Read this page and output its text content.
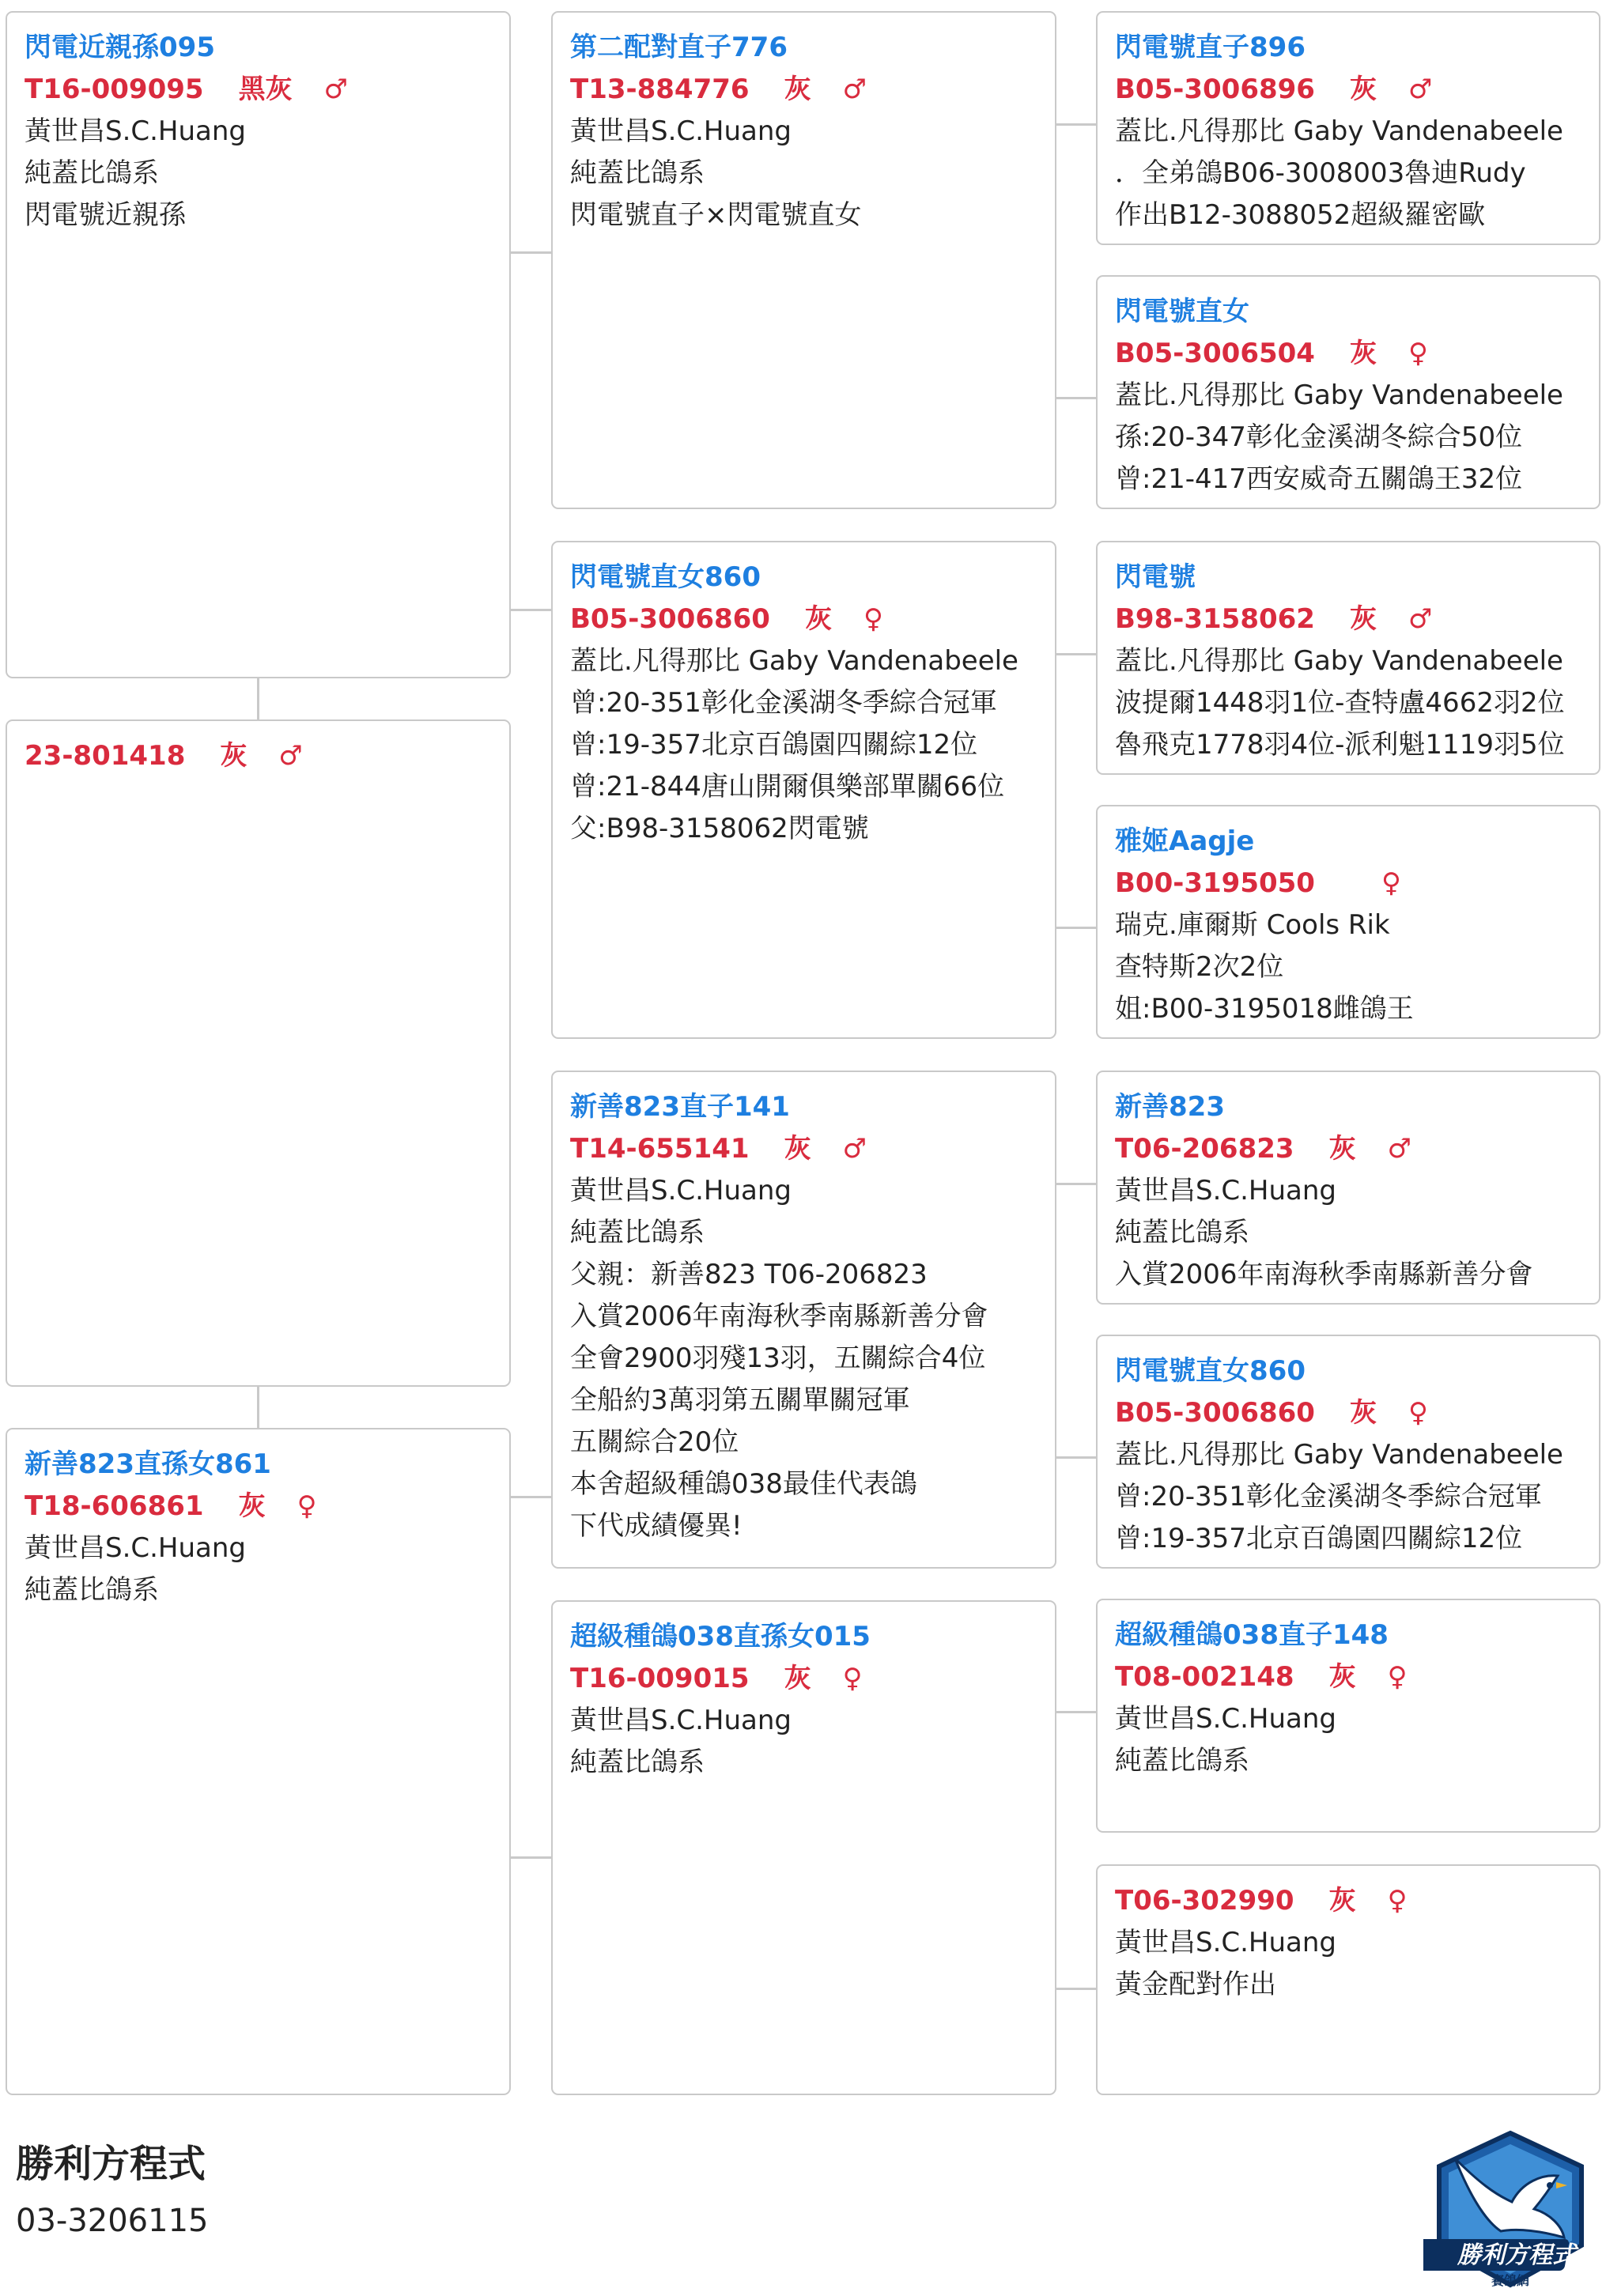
閃電近親孫095
T16-009095 黑灰 ♂
黃世昌S.C.Huang
純蓋比鴿系
閃電號近親孫
23-801418 灰 ♂
新善823直孫女861
T18-606861 灰 ♀
黃世昌S.C.Huang
純蓋比鴿系
第二配對直子776
T13-884776 灰 ♂
黃世昌S.C.Huang
純蓋比鴿系
閃電號直子×閃電號直女
閃電號直女860
B05-3006860 灰 ♀
蓋比.凡得那比 Gaby Vandenabeele
曾:20-351彰化金溪湖冬季綜合冠軍
曾:19-357北京百鴿園四關綜12位
曾:21-844唐山開爾俱樂部單關66位
父:B98-3158062閃電號
新善823直子141
T14-655141 灰 ♂
黃世昌S.C.Huang
純蓋比鴿系
父親：新善823 T06-206823
入賞2006年南海秋季南縣新善分會
全會2900羽殘13羽，五關綜合4位
全船約3萬羽第五關單關冠軍
五關綜合20位
本舍超級種鴿038最佳代表鴿
下代成績優異!
超級種鴿038直孫女015
T16-009015 灰 ♀
黃世昌S.C.Huang
純蓋比鴿系
閃電號直子896
B05-3006896 灰 ♂
蓋比.凡得那比 Gaby Vandenabeele
．全弟鴿B06-3008003魯迪Rudy
作出B12-3088052超級羅密歐
閃電號直女
B05-3006504 灰 ♀
蓋比.凡得那比 Gaby Vandenabeele
孫:20-347彰化金溪湖冬綜合50位
曾:21-417西安威奇五關鴿王32位
閃電號
B98-3158062 灰 ♂
蓋比.凡得那比 Gaby Vandenabeele
波提爾1448羽1位-查特盧4662羽2位
魯飛克1778羽4位-派利魁1119羽5位
雅姬Aagje
B00-3195050 ♀
瑞克.庫爾斯 Cools Rik
查特斯2次2位
姐:B00-3195018雌鴿王
新善823
T06-206823 灰 ♂
黃世昌S.C.Huang
純蓋比鴿系
入賞2006年南海秋季南縣新善分會
閃電號直女860
B05-3006860 灰 ♀
蓋比.凡得那比 Gaby Vandenabeele
曾:20-351彰化金溪湖冬季綜合冠軍
曾:19-357北京百鴿園四關綜12位
超級種鴿038直子148
T08-002148 灰 ♀
黃世昌S.C.Huang
純蓋比鴿系
T06-302990 灰 ♀
黃世昌S.C.Huang
黃金配對作出
勝利方程式
03-3206115
勝利方程式
賽鴿網
